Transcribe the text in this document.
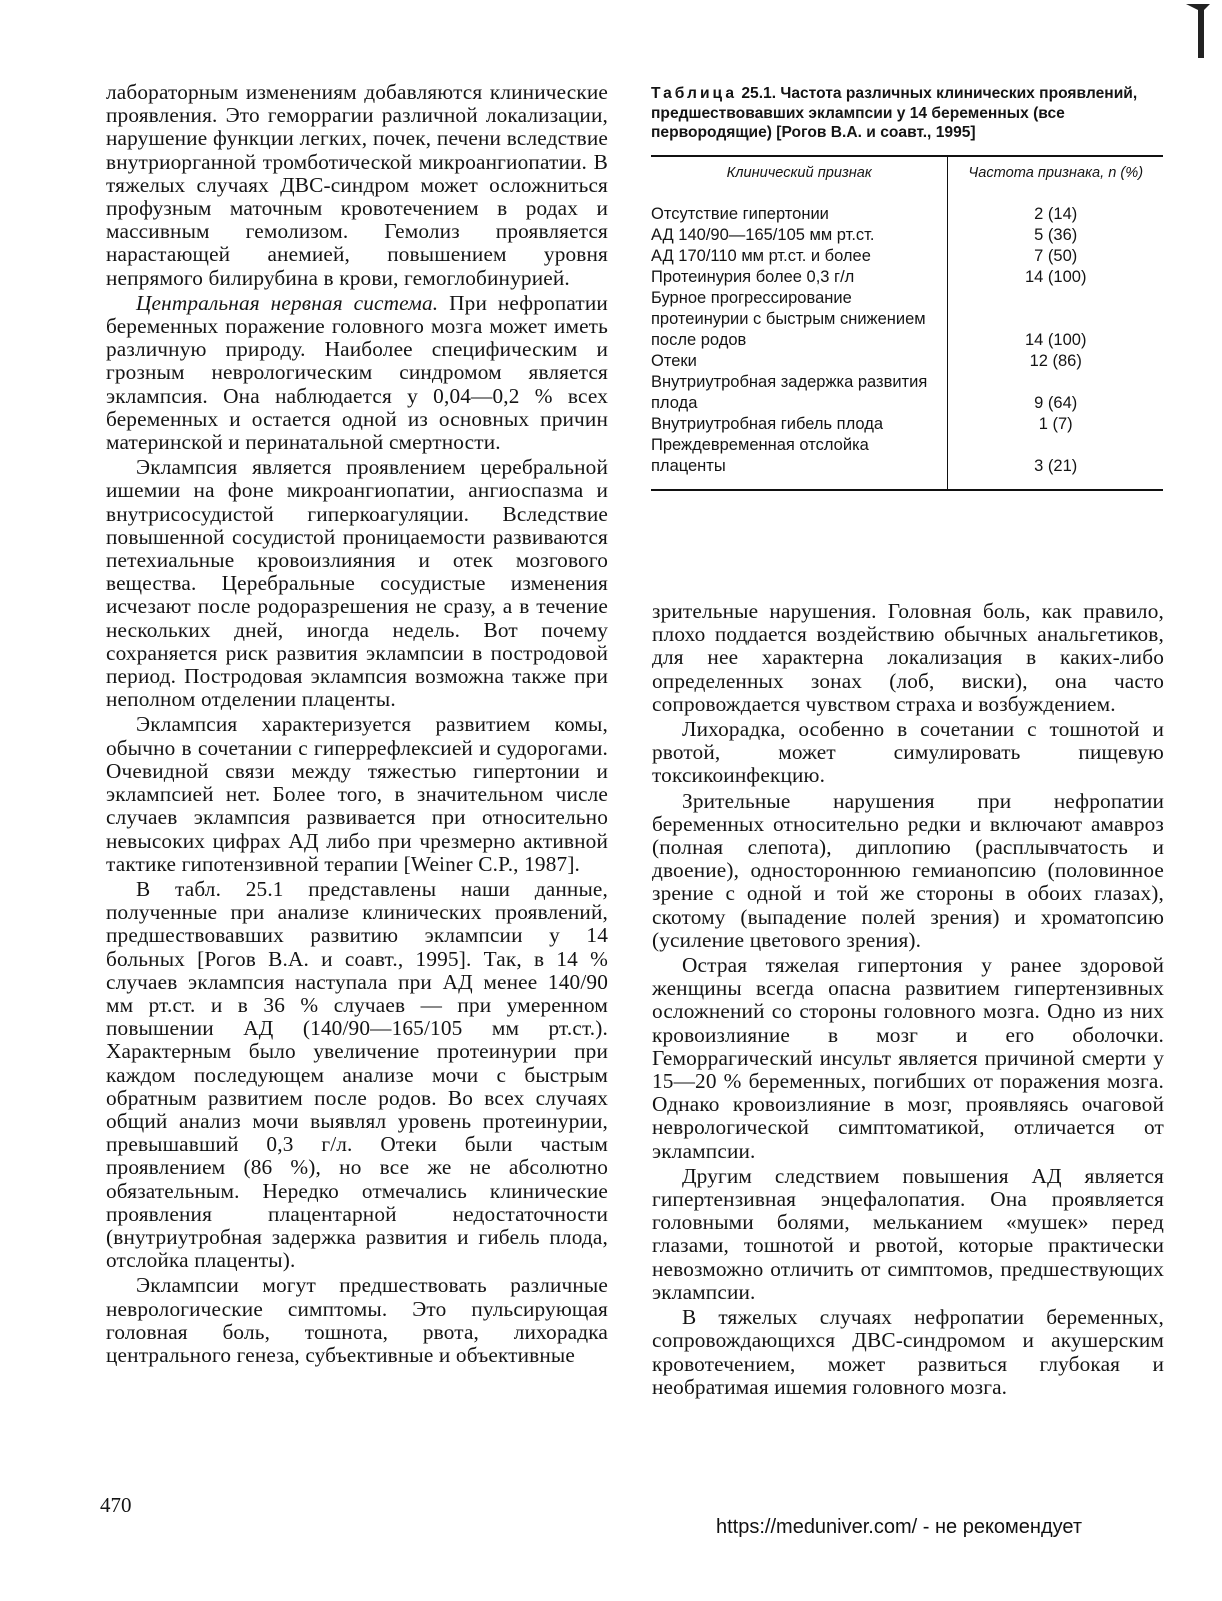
лабораторным изменениям добавляются клинические проявления. Это геморрагии различной локализации, нарушение функции легких, почек, печени вследствие внутриорганной тромботической микроангиопатии. В тяжелых случаях ДВС-синдром может осложниться профузным маточным кровотечением в родах и массивным гемолизом. Гемолиз проявляется нарастающей анемией, повышением уровня непрямого билирубина в крови, гемоглобинурией.

Центральная нервная система. При нефропатии беременных поражение головного мозга может иметь различную природу. Наиболее специфическим и грозным неврологическим синдромом является эклампсия. Она наблюдается у 0,04—0,2 % всех беременных и остается одной из основных причин материнской и перинатальной смертности.

Эклампсия является проявлением церебральной ишемии на фоне микроангиопатии, ангиоспазма и внутрисосудистой гиперкоагуляции. Вследствие повышенной сосудистой проницаемости развиваются петехиальные кровоизлияния и отек мозгового вещества. Церебральные сосудистые изменения исчезают после родоразрешения не сразу, а в течение нескольких дней, иногда недель. Вот почему сохраняется риск развития эклампсии в постродовой период. Постродовая эклампсия возможна также при неполном отделении плаценты.

Эклампсия характеризуется развитием комы, обычно в сочетании с гиперрефлексией и судорогами. Очевидной связи между тяжестью гипертонии и эклампсией нет. Более того, в значительном числе случаев эклампсия развивается при относительно невысоких цифрах АД либо при чрезмерно активной тактике гипотензивной терапии [Weiner C.P., 1987].

В табл. 25.1 представлены наши данные, полученные при анализе клинических проявлений, предшествовавших развитию эклампсии у 14 больных [Рогов В.А. и соавт., 1995]. Так, в 14 % случаев эклампсия наступала при АД менее 140/90 мм рт.ст. и в 36 % случаев — при умеренном повышении АД (140/90—165/105 мм рт.ст.). Характерным было увеличение протеинурии при каждом последующем анализе мочи с быстрым обратным развитием после родов. Во всех случаях общий анализ мочи выявлял уровень протеинурии, превышавший 0,3 г/л. Отеки были частым проявлением (86 %), но все же не абсолютно обязательным. Нередко отмечались клинические проявления плацентарной недостаточности (внутриутробная задержка развития и гибель плода, отслойка плаценты).

Эклампсии могут предшествовать различные неврологические симптомы. Это пульсирующая головная боль, тошнота, рвота, лихорадка центрального генеза, субъективные и объективные

Таблица 25.1. Частота различных клинических проявлений, предшествовавших эклампсии у 14 беременных (все первородящие) [Рогов В.А. и соавт., 1995]
Клинический признак	Частота признака, n (%)
Отсутствие гипертонии	2 (14)
АД 140/90—165/105 мм рт.ст.	5 (36)
АД 170/110 мм рт.ст. и более	7 (50)
Протеинурия более 0,3 г/л	14 (100)
Бурное прогрессирование протеинурии с быстрым снижением после родов	14 (100)
Отеки	12 (86)
Внутриутробная задержка развития плода	9 (64)
Внутриутробная гибель плода	1 (7)
Преждевременная отслойка плаценты	3 (21)

зрительные нарушения. Головная боль, как правило, плохо поддается воздействию обычных анальгетиков, для нее характерна локализация в каких-либо определенных зонах (лоб, виски), она часто сопровождается чувством страха и возбуждением.

Лихорадка, особенно в сочетании с тошнотой и рвотой, может симулировать пищевую токсикоинфекцию.

Зрительные нарушения при нефропатии беременных относительно редки и включают амавроз (полная слепота), диплопию (расплывчатость и двоение), одностороннюю гемианопсию (половинное зрение с одной и той же стороны в обоих глазах), скотому (выпадение полей зрения) и хроматопсию (усиление цветового зрения).

Острая тяжелая гипертония у ранее здоровой женщины всегда опасна развитием гипертензивных осложнений со стороны головного мозга. Одно из них кровоизлияние в мозг и его оболочки. Геморрагический инсульт является причиной смерти у 15—20 % беременных, погибших от поражения мозга. Однако кровоизлияние в мозг, проявляясь очаговой неврологической симптоматикой, отличается от эклампсии.

Другим следствием повышения АД является гипертензивная энцефалопатия. Она проявляется головными болями, мельканием «мушек» перед глазами, тошнотой и рвотой, которые практически невозможно отличить от симптомов, предшествующих эклампсии.

В тяжелых случаях нефропатии беременных, сопровождающихся ДВС-синдромом и акушерским кровотечением, может развиться глубокая и необратимая ишемия головного мозга.

470
https://meduniver.com/ - не рекомендует
